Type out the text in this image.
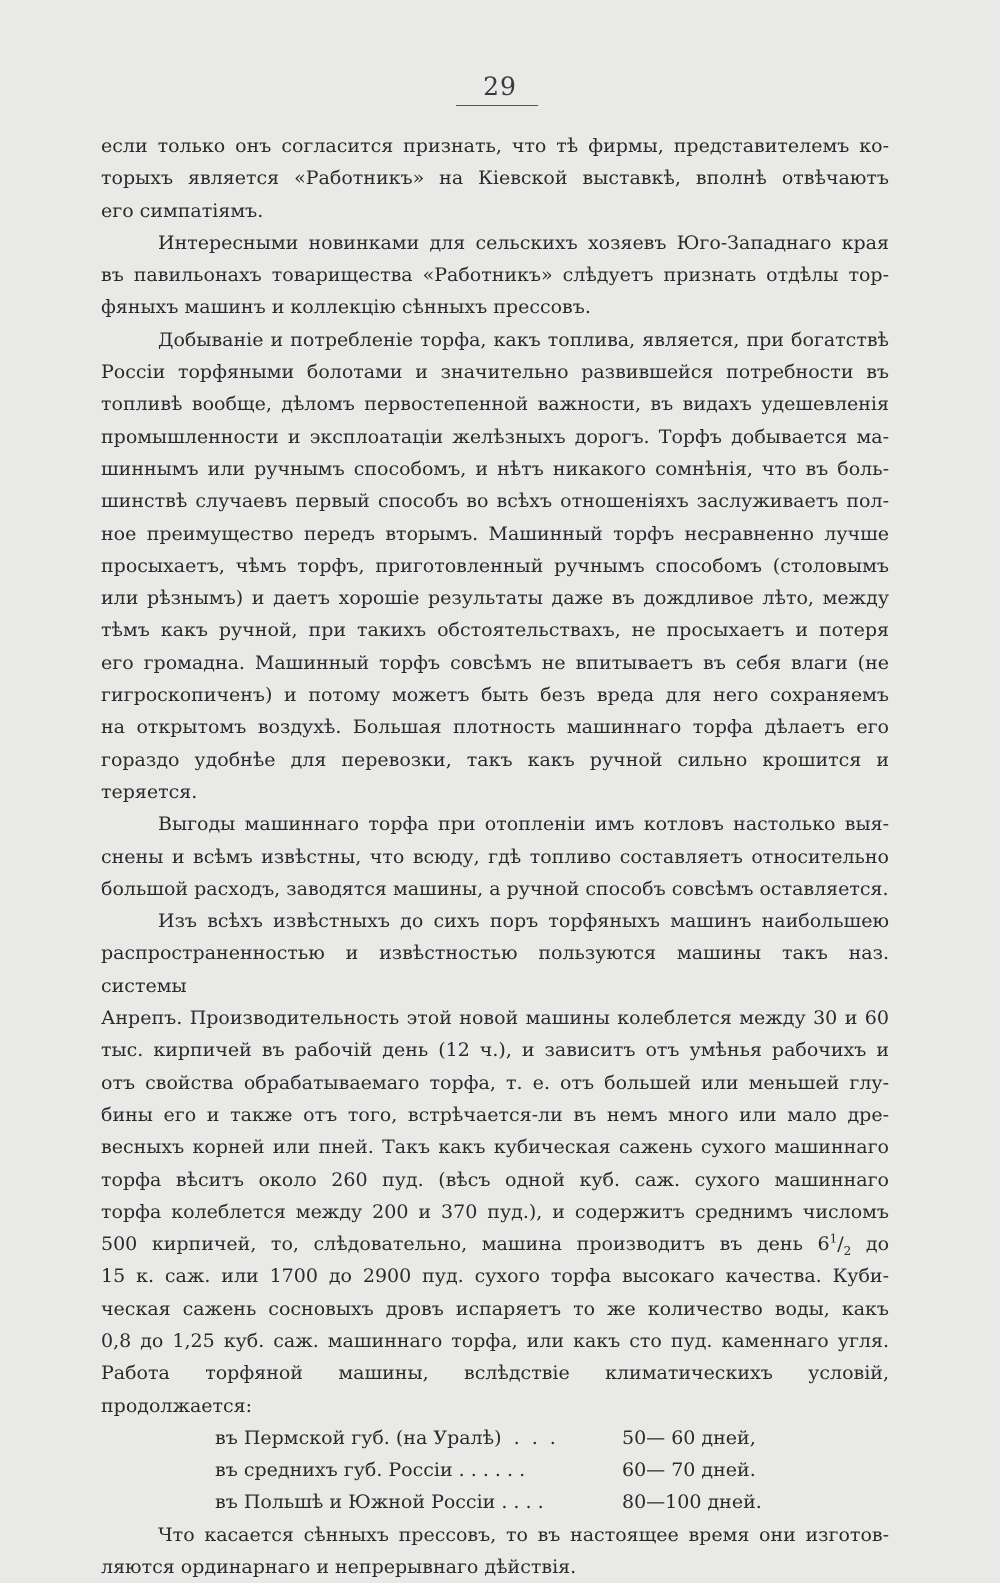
29

если только онъ согласится признать, что тѣ фирмы, представителемъ ко-

торыхъ является «Работникъ» на Кіевской выставкѣ, вполнѣ отвѣчаютъ

его симпатіямъ.

Интересными новинками для сельскихъ хозяевъ Юго-Западнаго края

въ павильонахъ товарищества «Работникъ» слѣдуетъ признать отдѣлы тор-

фяныхъ машинъ и коллекцію сѣнныхъ прессовъ.

Добываніе и потребленіе торфа, какъ топлива, является, при богатствѣ

Россіи торфяными болотами и значительно развившейся потребности въ

топливѣ вообще, дѣломъ первостепенной важности, въ видахъ удешевленія

промышленности и эксплоатаціи желѣзныхъ дорогъ. Торфъ добывается ма-

шиннымъ или ручнымъ способомъ, и нѣтъ никакого сомнѣнія, что въ боль-

шинствѣ случаевъ первый способъ во всѣхъ отношеніяхъ заслуживаетъ пол-

ное преимущество передъ вторымъ. Машинный торфъ несравненно лучше

просыхаетъ, чѣмъ торфъ, приготовленный ручнымъ способомъ (столовымъ

или рѣзнымъ) и даетъ хорошіе результаты даже въ дождливое лѣто, между

тѣмъ какъ ручной, при такихъ обстоятельствахъ, не просыхаетъ и потеря

его громадна. Машинный торфъ совсѣмъ не впитываетъ въ себя влаги (не

гигроскопиченъ) и потому можетъ быть безъ вреда для него сохраняемъ

на открытомъ воздухѣ. Большая плотность машиннаго торфа дѣлаетъ его

гораздо удобнѣе для перевозки, такъ какъ ручной сильно крошится и

теряется.

Выгоды машиннаго торфа при отопленіи имъ котловъ настолько выя-

снены и всѣмъ извѣстны, что всюду, гдѣ топливо составляетъ относительно

большой расходъ, заводятся машины, а ручной способъ совсѣмъ оставляется.

Изъ всѣхъ извѣстныхъ до сихъ поръ торфяныхъ машинъ наибольшею

распространенностью и извѣстностью пользуются машины такъ наз. системы

Анрепъ. Производительность этой новой машины колеблется между 30 и 60

тыс. кирпичей въ рабочій день (12 ч.), и зависитъ отъ умѣнья рабочихъ и

отъ свойства обрабатываемаго торфа, т. е. отъ большей или меньшей глу-

бины его и также отъ того, встрѣчается-ли въ немъ много или мало дре-

весныхъ корней или пней. Такъ какъ кубическая сажень сухого машиннаго

торфа вѣситъ около 260 пуд. (вѣсъ одной куб. саж. сухого машиннаго

торфа колеблется между 200 и 370 пуд.), и содержитъ среднимъ числомъ

500 кирпичей, то, слѣдовательно, машина производитъ въ день $6^1/_2$ до

15 к. саж. или 1700 до 2900 пуд. сухого торфа высокаго качества. Куби-

ческая сажень сосновыхъ дровъ испаряетъ то же количество воды, какъ

0,8 до 1,25 куб. саж. машиннаго торфа, или какъ сто пуд. каменнаго угля.

Работа торфяной машины, вслѣдствіе климатическихъ условій, продолжается:

въ Пермской губ. (на Уралѣ)  .  .  .	50— 60 дней,
въ среднихъ губ. Россіи . . . . . .	60— 70 дней.
въ Польшѣ и Южной Россіи . . . .	80—100 дней.

Что касается сѣнныхъ прессовъ, то въ настоящее время они изготов-

ляются ординарнаго и непрерывнаго дѣйствія.
